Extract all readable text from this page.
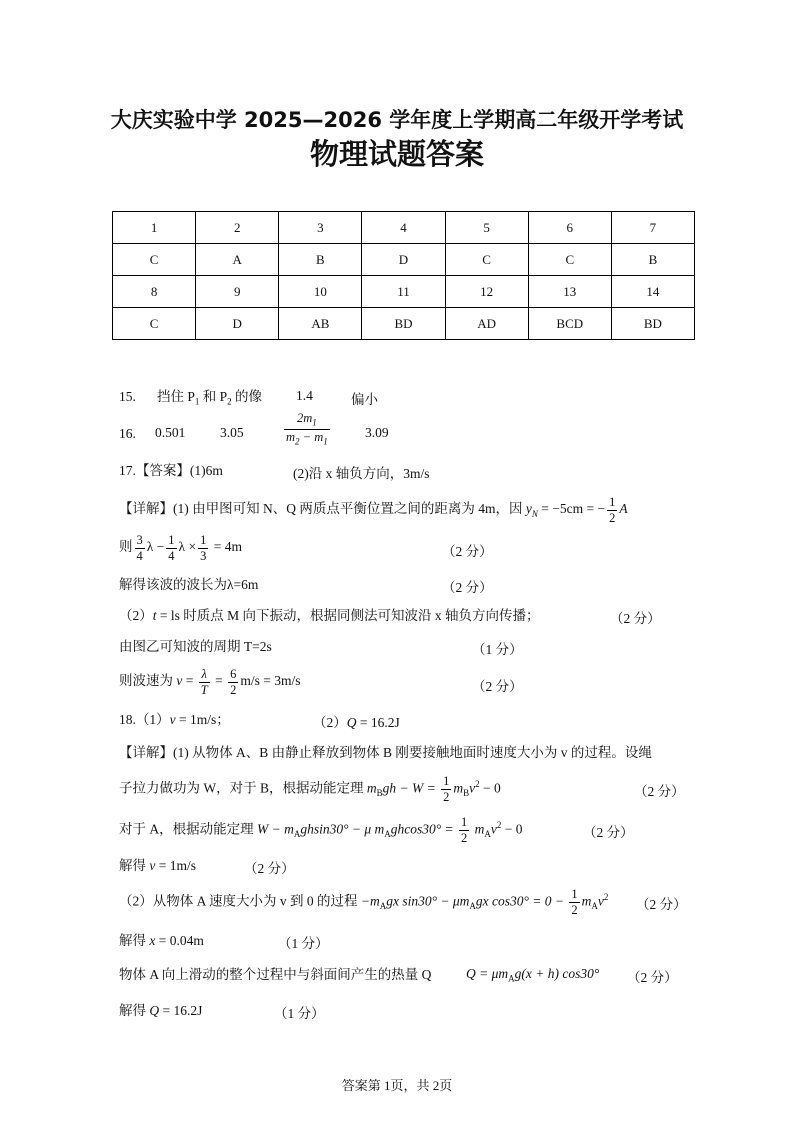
大庆实验中学 2025—2026 学年度上学期高二年级开学考试
物理试题答案
1	2	3	4	5	6	7
C	A	B	D	C	C	B
8	9	10	11	12	13	14
C	D	AB	BD	AD	BCD	BD
15. 挡住 $P_1$ 和 $P_2$ 的像	1.4	偏小
16. 0.501	3.05	$\frac{2m_1}{m_2 - m_1}$	3.09
17.【答案】(1)6m	(2)沿 x 轴负方向，3m/s
【详解】(1) 由甲图可知 N、Q 两质点平衡位置之间的距离为 4m，因 $y_N = -5cm$ = − $\frac{1}{2}$ A
则 $\frac{3}{4}$ $\lambda - \frac{1}{4}$ $\lambda \times \frac{1}{3} = 4m$	（2 分）
解得该波的波长为λ=6m	（2 分）
（2）t = ls 时质点 M 向下振动，根据同侧法可知波沿 x 轴负方向传播；	（2 分）
由图乙可知波的周期 T=2s	（1 分）
则波速为 $v = \frac{\lambda}{T} = \frac{6}{2} m/s = 3m/s$	（2 分）
18.（1）v = 1m/s；	（2）Q = 16.2J
【详解】(1) 从物体 A、B 由静止释放到物体 B 刚要接触地面时速度大小为 v 的过程。设绳
子拉力做功为 W，对于 B，根据动能定理 $m_Bgh - W = \frac{1}{2} m_Bv^2 - 0$	（2 分）
对于 A，根据动能定理 $W - m_Aghsin30^\circ - \mu$ $m_Aghcos30^\circ = \frac{1}{2} m_Av^2 - 0$	（2 分）
解得 v = 1m/s	（2 分）
（2）从物体 A 速度大小为 v 到 0 的过程 $-m_Agx$ $\sin 30^\circ - \mu m_Agx$ $\cos 30^\circ = 0 - \frac{1}{2} m_Av^2$ （2 分）
解得 x = 0.04m	（1 分）
物体 A 向上滑动的整个过程中与斜面间产生的热量 Q	$Q = \mu m_Ag(x + h)$ cos30° （2 分）
解得 Q = 16.2J	（1 分）
答案第 1页，共 2页
